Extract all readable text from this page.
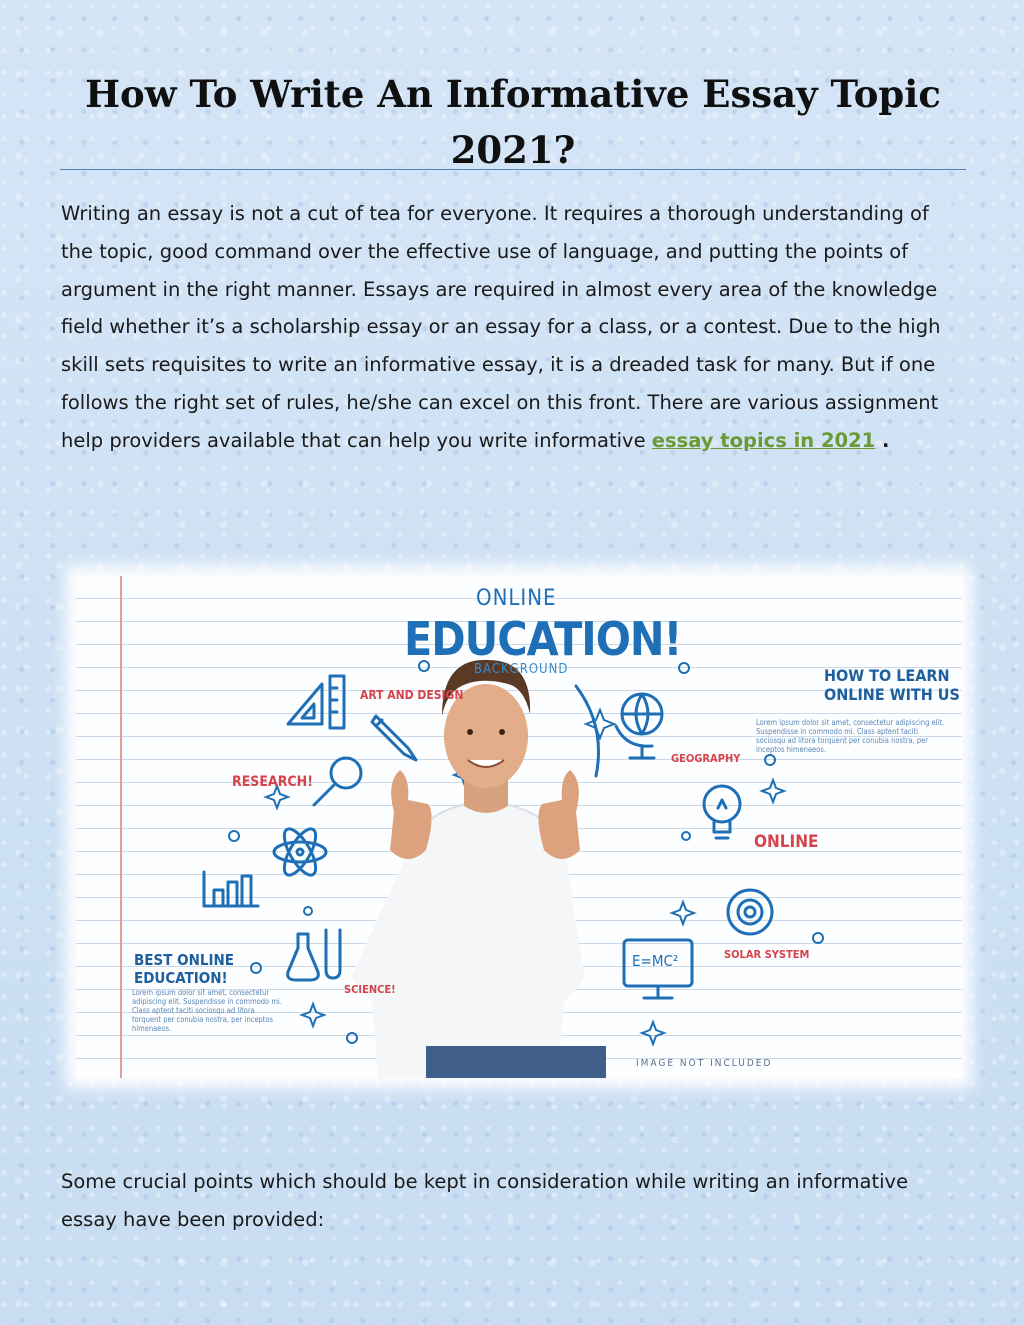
How To Write An Informative Essay Topic 2021?

Writing an essay is not a cut of tea for everyone. It requires a thorough understanding of the topic, good command over the effective use of language, and putting the points of argument in the right manner. Essays are required in almost every area of the knowledge field whether it’s a scholarship essay or an essay for a class, or a contest. Due to the high skill sets requisites to write an informative essay, it is a dreaded task for many. But if one follows the right set of rules, he/she can excel on this front. There are various assignment help providers available that can help you write informative essay topics in 2021 .

ONLINE
EDUCATION!
BACKGROUND	HOW TO LEARN
ONLINE WITH US
ART AND DESIGN
RESEARCH!
GEOGRAPHY
ONLINE
SOLAR SYSTEM
SCIENCE!
BEST ONLINE
EDUCATION!
E=MC²
Lorem ipsum dolor sit amet, consectetur adipiscing elit. Suspendisse in commodo mi. Class aptent taciti sociosqu ad litora torquent per conubia nostra, per inceptos himenaeos.
Lorem ipsum dolor sit amet, consectetur adipiscing elit. Suspendisse in commodo mi. Class aptent taciti sociosqu ad litora torquent per conubia nostra, per inceptos himenaeos.
IMAGE NOT INCLUDED

Some crucial points which should be kept in consideration while writing an informative essay have been provided:
